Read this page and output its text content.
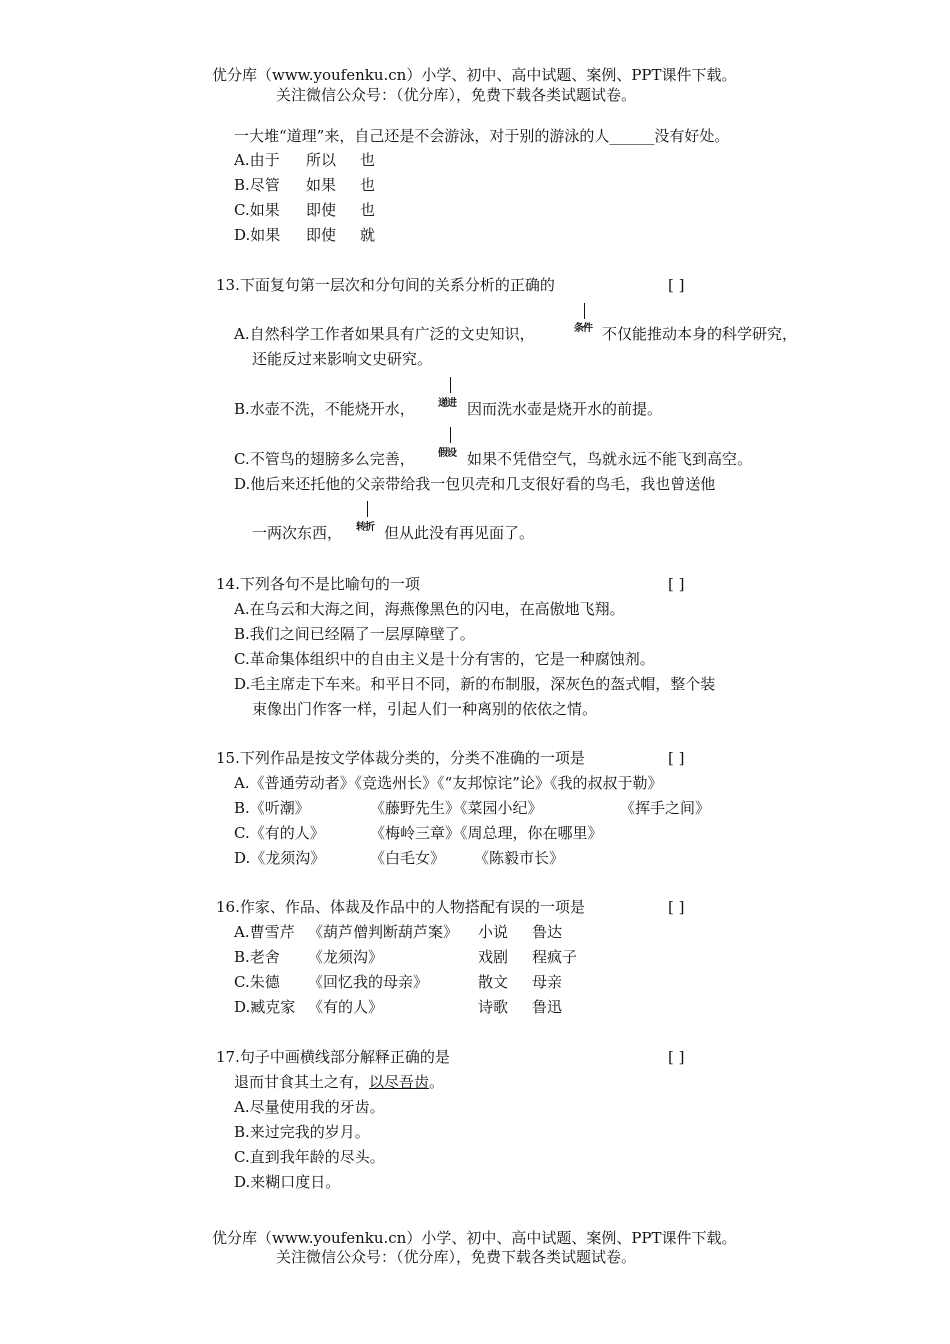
优分库（www.youfenku.cn）小学、初中、高中试题、案例、PPT课件下载。
关注微信公众号：（优分库），免费下载各类试题试卷。
一大堆“道理”来，自己还是不会游泳，对于别的游泳的人______没有好处。
A.由于 所以 也
B.尽管 如果 也
C.如果 即使 也
D.如果 即使 就
13.下面复句第一层次和分句间的关系分析的正确的	[ ]
A.自然科学工作者如果具有广泛的文史知识，	条件 不仅能推动本身的科学研究，
还能反过来影响文史研究。
B.水壶不洗，不能烧开水， 递进 因而洗水壶是烧开水的前提。
C.不管鸟的翅膀多么完善， 假设 如果不凭借空气，鸟就永远不能飞到高空。
D.他后来还托他的父亲带给我一包贝壳和几支很好看的鸟毛，我也曾送他
一两次东西， 转折 但从此没有再见面了。
14.下列各句不是比喻句的一项	[ ]
A.在乌云和大海之间，海燕像黑色的闪电，在高傲地飞翔。
B.我们之间已经隔了一层厚障壁了。
C.革命集体组织中的自由主义是十分有害的，它是一种腐蚀剂。
D.毛主席走下车来。和平日不同，新的布制服，深灰色的盔式帽，整个装
束像出门作客一样，引起人们一种离别的依依之情。
15.下列作品是按文学体裁分类的，分类不准确的一项是	[ ]
A.《普通劳动者》《竞选州长》《“友邦惊诧”论》《我的叔叔于勒》
B.《听潮》	《藤野先生》《菜园小纪》	《挥手之间》
C.《有的人》	《梅岭三章》《周总理，你在哪里》
D.《龙须沟》	《白毛女》 《陈毅市长》
16.作家、作品、体裁及作品中的人物搭配有误的一项是	[ ]
A.曹雪芹 《葫芦僧判断葫芦案》 小说 鲁达
B.老舍 《龙须沟》	戏剧 程疯子
C.朱德 《回忆我的母亲》	散文 母亲
D.臧克家 《有的人》	诗歌 鲁迅
17.句子中画横线部分解释正确的是	[ ]
退而甘食其土之有，以尽吾齿。
A.尽量使用我的牙齿。
B.来过完我的岁月。
C.直到我年龄的尽头。
D.来糊口度日。
优分库（www.youfenku.cn）小学、初中、高中试题、案例、PPT课件下载。
关注微信公众号：（优分库），免费下载各类试题试卷。
